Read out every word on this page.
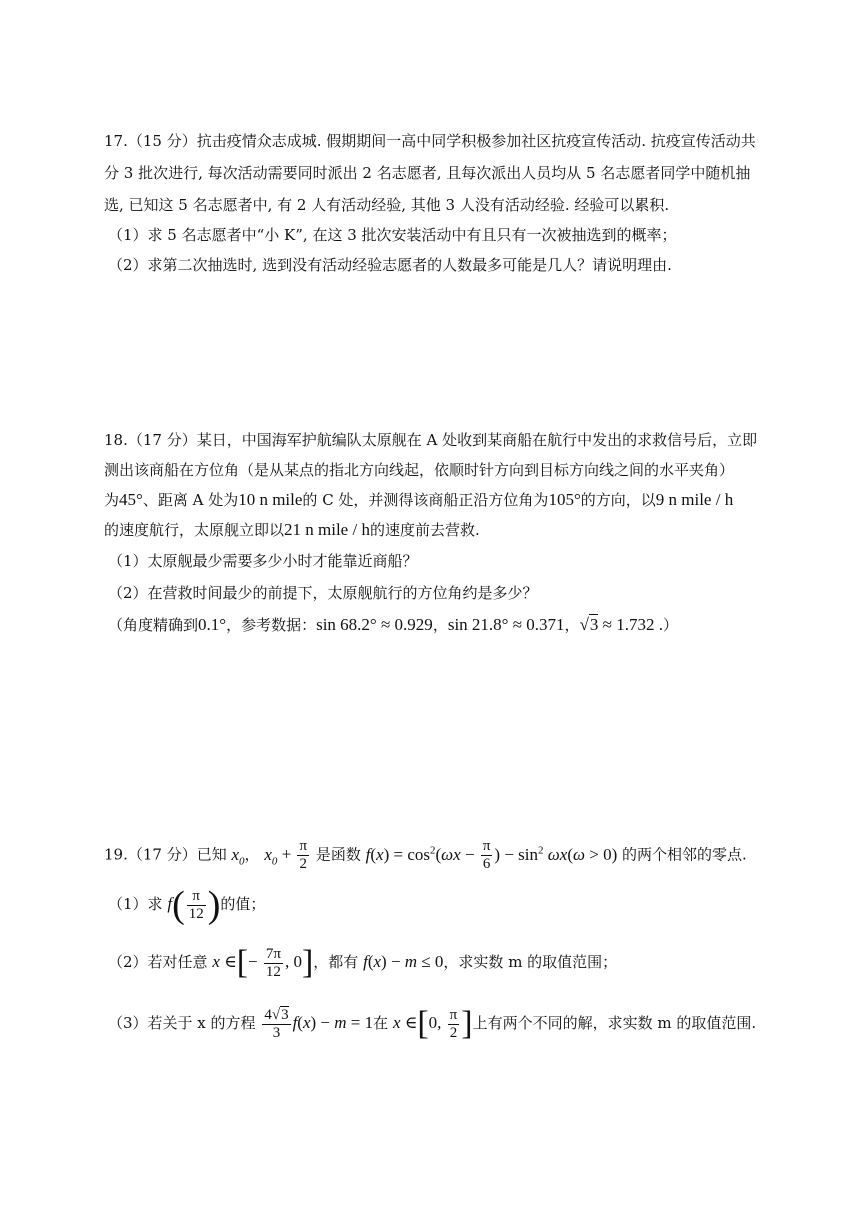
17.（15 分）抗击疫情众志成城. 假期期间一高中同学积极参加社区抗疫宣传活动. 抗疫宣传活动共
分 3 批次进行, 每次活动需要同时派出 2 名志愿者, 且每次派出人员均从 5 名志愿者同学中随机抽
选, 已知这 5 名志愿者中, 有 2 人有活动经验, 其他 3 人没有活动经验. 经验可以累积.
（1）求 5 名志愿者中“小 K”, 在这 3 批次安装活动中有且只有一次被抽选到的概率；
（2）求第二次抽选时, 选到没有活动经验志愿者的人数最多可能是几人？请说明理由.
18.（17 分）某日，中国海军护航编队太原舰在 A 处收到某商船在航行中发出的求救信号后，立即
测出该商船在方位角（是从某点的指北方向线起，依顺时针方向到目标方向线之间的水平夹角）
为45°、距离 A 处为10 n mile的 C 处，并测得该商船正沿方位角为105°的方向，以9 n mile / h
的速度航行，太原舰立即以21 n mile / h的速度前去营救.
（1）太原舰最少需要多少小时才能靠近商船？
（2）在营救时间最少的前提下，太原舰航行的方位角约是多少？
（角度精确到0.1°，参考数据：sin 68.2° ≈ 0.929，sin 21.8° ≈ 0.371，√3 ≈ 1.732 .）
19.（17 分）已知 $x_0$， $x_0 + \frac{\pi}{2}$ 是函数 $f(x) = \cos^2(\omega x - \frac{\pi}{6}$ ) − $\sin^2 \omega x(\omega > 0)$ 的两个相邻的零点.
（1）求 $f( \frac{\pi}{12}$ )的值；
（2）若对任意 x ∈[− $\frac{7\pi}{12}$ , 0]，都有 f(x) − m ≤ 0，求实数 m 的取值范围；
（3）若关于 x 的方程 $\frac{4√3}{3} f(x) - m = 1$在 x ∈[0, $\frac{\pi}{2}$ ]上有两个不同的解，求实数 m 的取值范围.
